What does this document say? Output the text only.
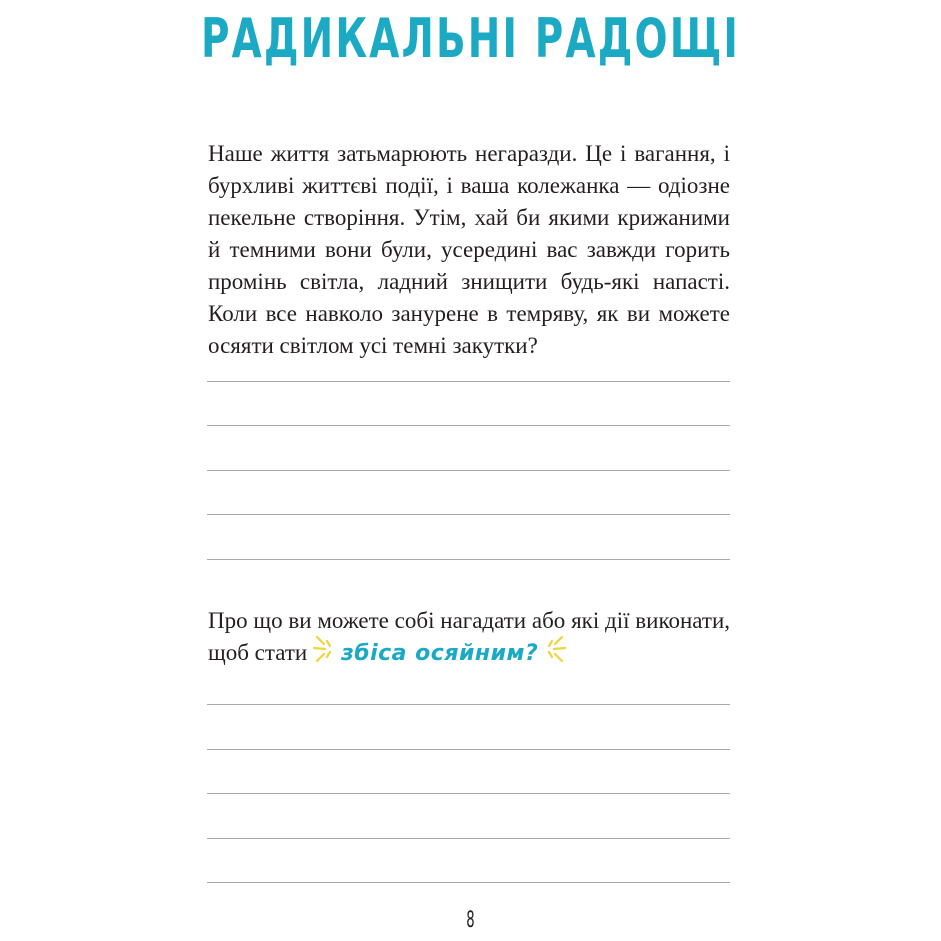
РАДИКАЛЬНІ РАДОЩІ

Наше життя затьмарюють негаразди. Це і вагання, і бурхливі життєві події, і ваша колежанка — одіозне пекельне створіння. Утім, хай би якими крижаними й темними вони були, усередині вас завжди горить промінь світла, ладний знищити будь-які напасті. Коли все навколо занурене в темряву, як ви можете осяяти світлом усі темні закутки?

Про що ви можете собі нагадати або які дії виконати, щоб стати збіса осяйним?

8
